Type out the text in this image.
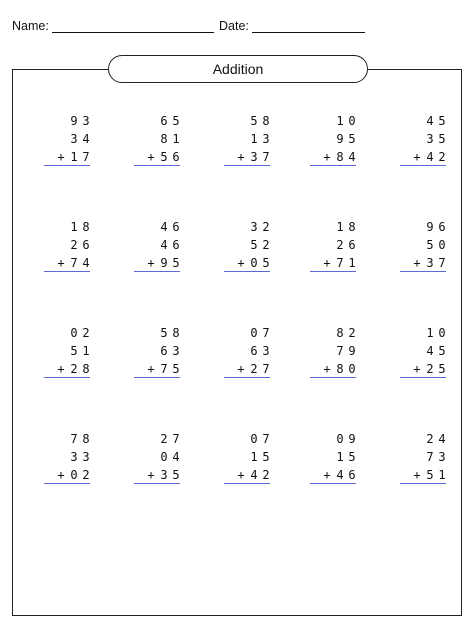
Name:	Date:
Addition
9 3
3 4
+ 1 7
6 5
8 1
+ 5 6
5 8
1 3
+ 3 7
1 0
9 5
+ 8 4
4 5
3 5
+ 4 2
1 8
2 6
+ 7 4
4 6
4 6
+ 9 5
3 2
5 2
+ 0 5
1 8
2 6
+ 7 1
9 6
5 0
+ 3 7
0 2
5 1
+ 2 8
5 8
6 3
+ 7 5
0 7
6 3
+ 2 7
8 2
7 9
+ 8 0
1 0
4 5
+ 2 5
7 8
3 3
+ 0 2
2 7
0 4
+ 3 5
0 7
1 5
+ 4 2
0 9
1 5
+ 4 6
2 4
7 3
+ 5 1
